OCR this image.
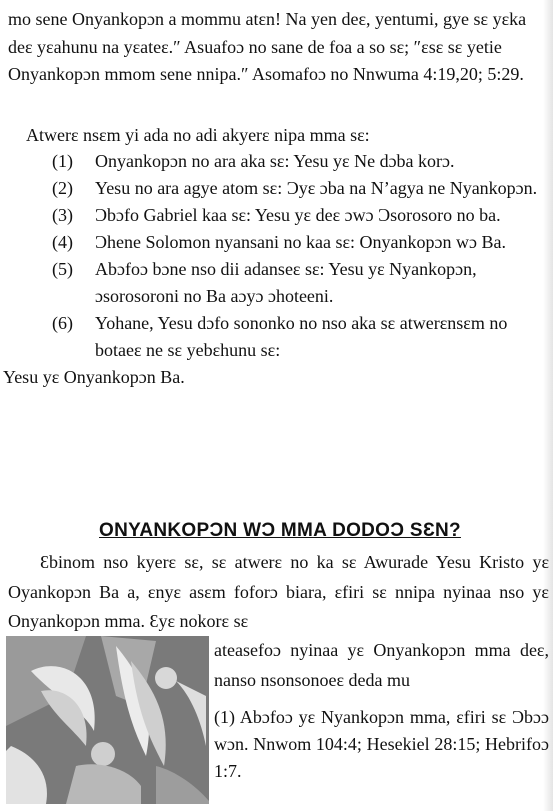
mo sene Onyankopɔn a mommu atɛn! Na yen deɛ, yentumi, gye sɛ yɛka deɛ yɛahunu na yɛateɛ.″ Asuafoɔ no sane de foa a so sɛ; ″ɛsɛ sɛ yetie Onyankopɔn mmom sene nnipa.″ Asomafoɔ no Nnwuma 4:19,20; 5:29.

Atwerɛ nsɛm yi ada no adi akyerɛ nipa mma sɛ:

(1) Onyankopɔn no ara aka sɛ: Yesu yɛ Ne dɔba korɔ.
(2) Yesu no ara agye atom sɛ: Ɔyɛ ɔba na N’agya ne Nyankopɔn.
(3) Ɔbɔfo Gabriel kaa sɛ: Yesu yɛ deɛ ɔwɔ Ɔsorosoro no ba.
(4) Ɔhene Solomon nyansani no kaa sɛ: Onyankopɔn wɔ Ba.
(5) Abɔfoɔ bɔne nso dii adanseɛ sɛ: Yesu yɛ Nyankopɔn, ɔsorosoroni no Ba aɔyɔ ɔhoteeni.
(6) Yohane, Yesu dɔfo sononko no nso aka sɛ atwerɛnsɛm no botaeɛ ne sɛ yebɛhunu sɛ:
Yesu yɛ Onyankopɔn Ba.
ONYANKOPƆN WƆ MMA DODOƆ SƐN?

Ɛbinom nso kyerɛ sɛ, sɛ atwerɛ no ka sɛ Awurade Yesu Kristo yɛ Oyankopɔn Ba a, ɛnyɛ asɛm foforɔ biara, ɛfiri sɛ nnipa nyinaa nso yɛ Onyankopɔn mma. Ɛyɛ nokorɛ sɛ

ateasefoɔ nyinaa yɛ Onyankopɔn mma deɛ, nanso nsonsonoeɛ deda mu

(1) Abɔfoɔ yɛ Nyankopɔn mma, ɛfiri sɛ Ɔbɔɔ wɔn. Nnwom 104:4; Hesekiel 28:15; Hebrifoɔ 1:7.
